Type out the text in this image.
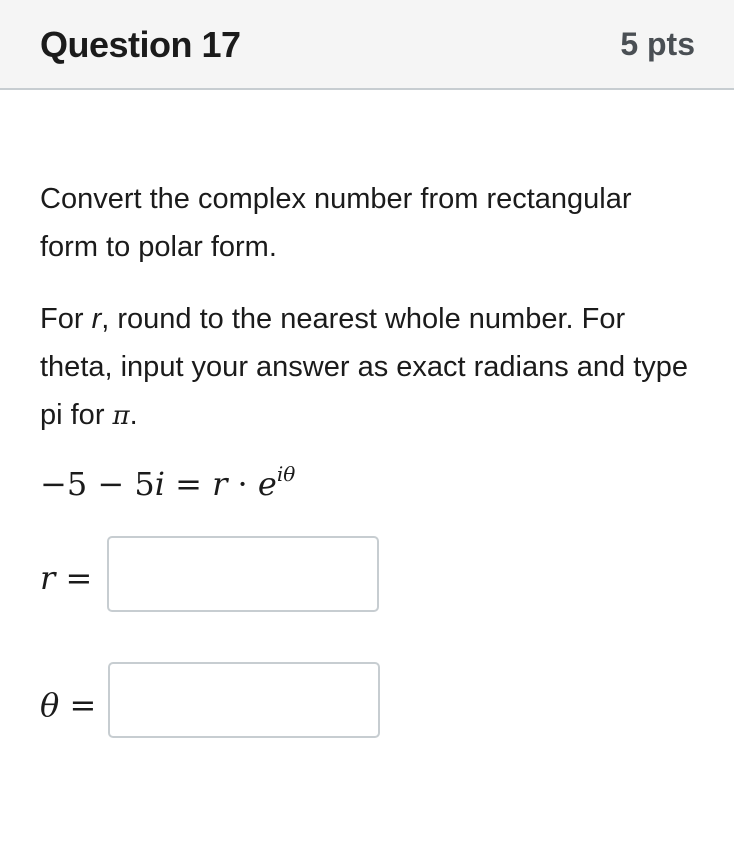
Question 17	5 pts
Convert the complex number from rectangular form to polar form.
For r, round to the nearest whole number. For theta, input your answer as exact radians and type pi for π.
$-5 - 5i = r \cdot e^{i\theta}$
r =
θ =
